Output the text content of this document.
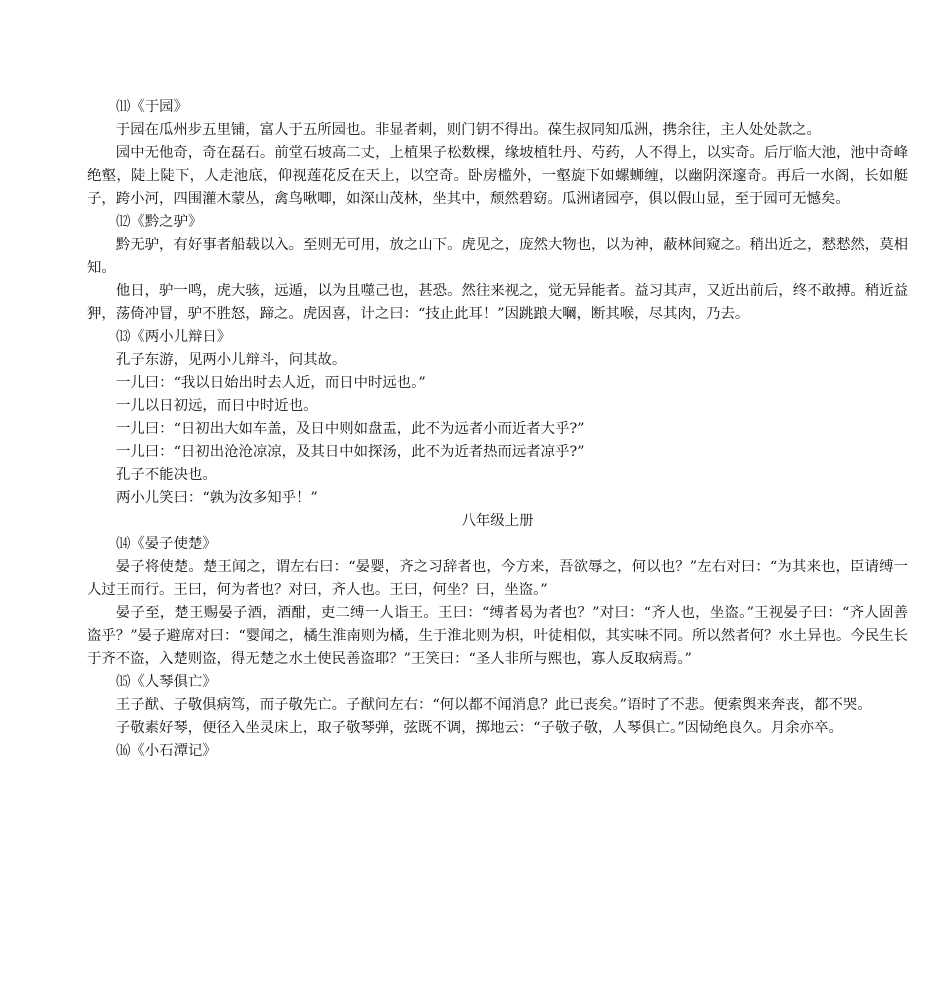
⑾《于园》

于园在瓜州步五里铺，富人于五所园也。非显者刺，则门钥不得出。葆生叔同知瓜洲，携余往，主人处处款之。

园中无他奇，奇在磊石。前堂石坡高二丈，上植果子松数棵，缘坡植牡丹、芍药，人不得上，以实奇。后厅临大池，池中奇峰绝壑，陡上陡下，人走池底，仰视莲花反在天上，以空奇。卧房槛外，一壑旋下如螺蛳缠，以幽阴深邃奇。再后一水阁，长如艇子，跨小河，四围灌木蒙丛，禽鸟啾唧，如深山茂林，坐其中，颓然碧窈。瓜洲诸园亭，俱以假山显，至于园可无憾矣。

⑿《黔之驴》

黔无驴，有好事者船载以入。至则无可用，放之山下。虎见之，庞然大物也，以为神，蔽林间窥之。稍出近之，慭慭然，莫相知。

他日，驴一鸣，虎大骇，远遁，以为且噬己也，甚恐。然往来视之，觉无异能者。益习其声，又近出前后，终不敢搏。稍近益狎，荡倚冲冒，驴不胜怒，蹄之。虎因喜，计之曰：“技止此耳！”因跳踉大㘎，断其喉，尽其肉，乃去。

⒀《两小儿辩日》

孔子东游，见两小儿辩斗，问其故。

一儿曰：“我以日始出时去人近，而日中时远也。”

一儿以日初远，而日中时近也。

一儿曰：“日初出大如车盖，及日中则如盘盂，此不为远者小而近者大乎?”

一儿曰：“日初出沧沧凉凉，及其日中如探汤，此不为近者热而远者凉乎?”

孔子不能决也。

两小儿笑曰：“孰为汝多知乎！”

八年级上册

⒁《晏子使楚》

晏子将使楚。楚王闻之，谓左右曰：“晏婴，齐之习辞者也，今方来，吾欲辱之，何以也？”左右对曰：“为其来也，臣请缚一人过王而行。王曰，何为者也？对曰，齐人也。王曰，何坐？曰，坐盗。”

晏子至，楚王赐晏子酒，酒酣，吏二缚一人诣王。王曰：“缚者曷为者也？”对曰：“齐人也，坐盗。”王视晏子曰：“齐人固善盗乎？”晏子避席对曰：“婴闻之，橘生淮南则为橘，生于淮北则为枳，叶徒相似，其实味不同。所以然者何？水土异也。今民生长于齐不盗，入楚则盗，得无楚之水土使民善盗耶？”王笑曰：“圣人非所与熙也，寡人反取病焉。”

⒂《人琴俱亡》

王子猷、子敬俱病笃，而子敬先亡。子猷问左右：“何以都不闻消息？此已丧矣。”语时了不悲。便索舆来奔丧，都不哭。

子敬素好琴，便径入坐灵床上，取子敬琴弹，弦既不调，掷地云：“子敬子敬，人琴俱亡。”因恸绝良久。月余亦卒。

⒃《小石潭记》
